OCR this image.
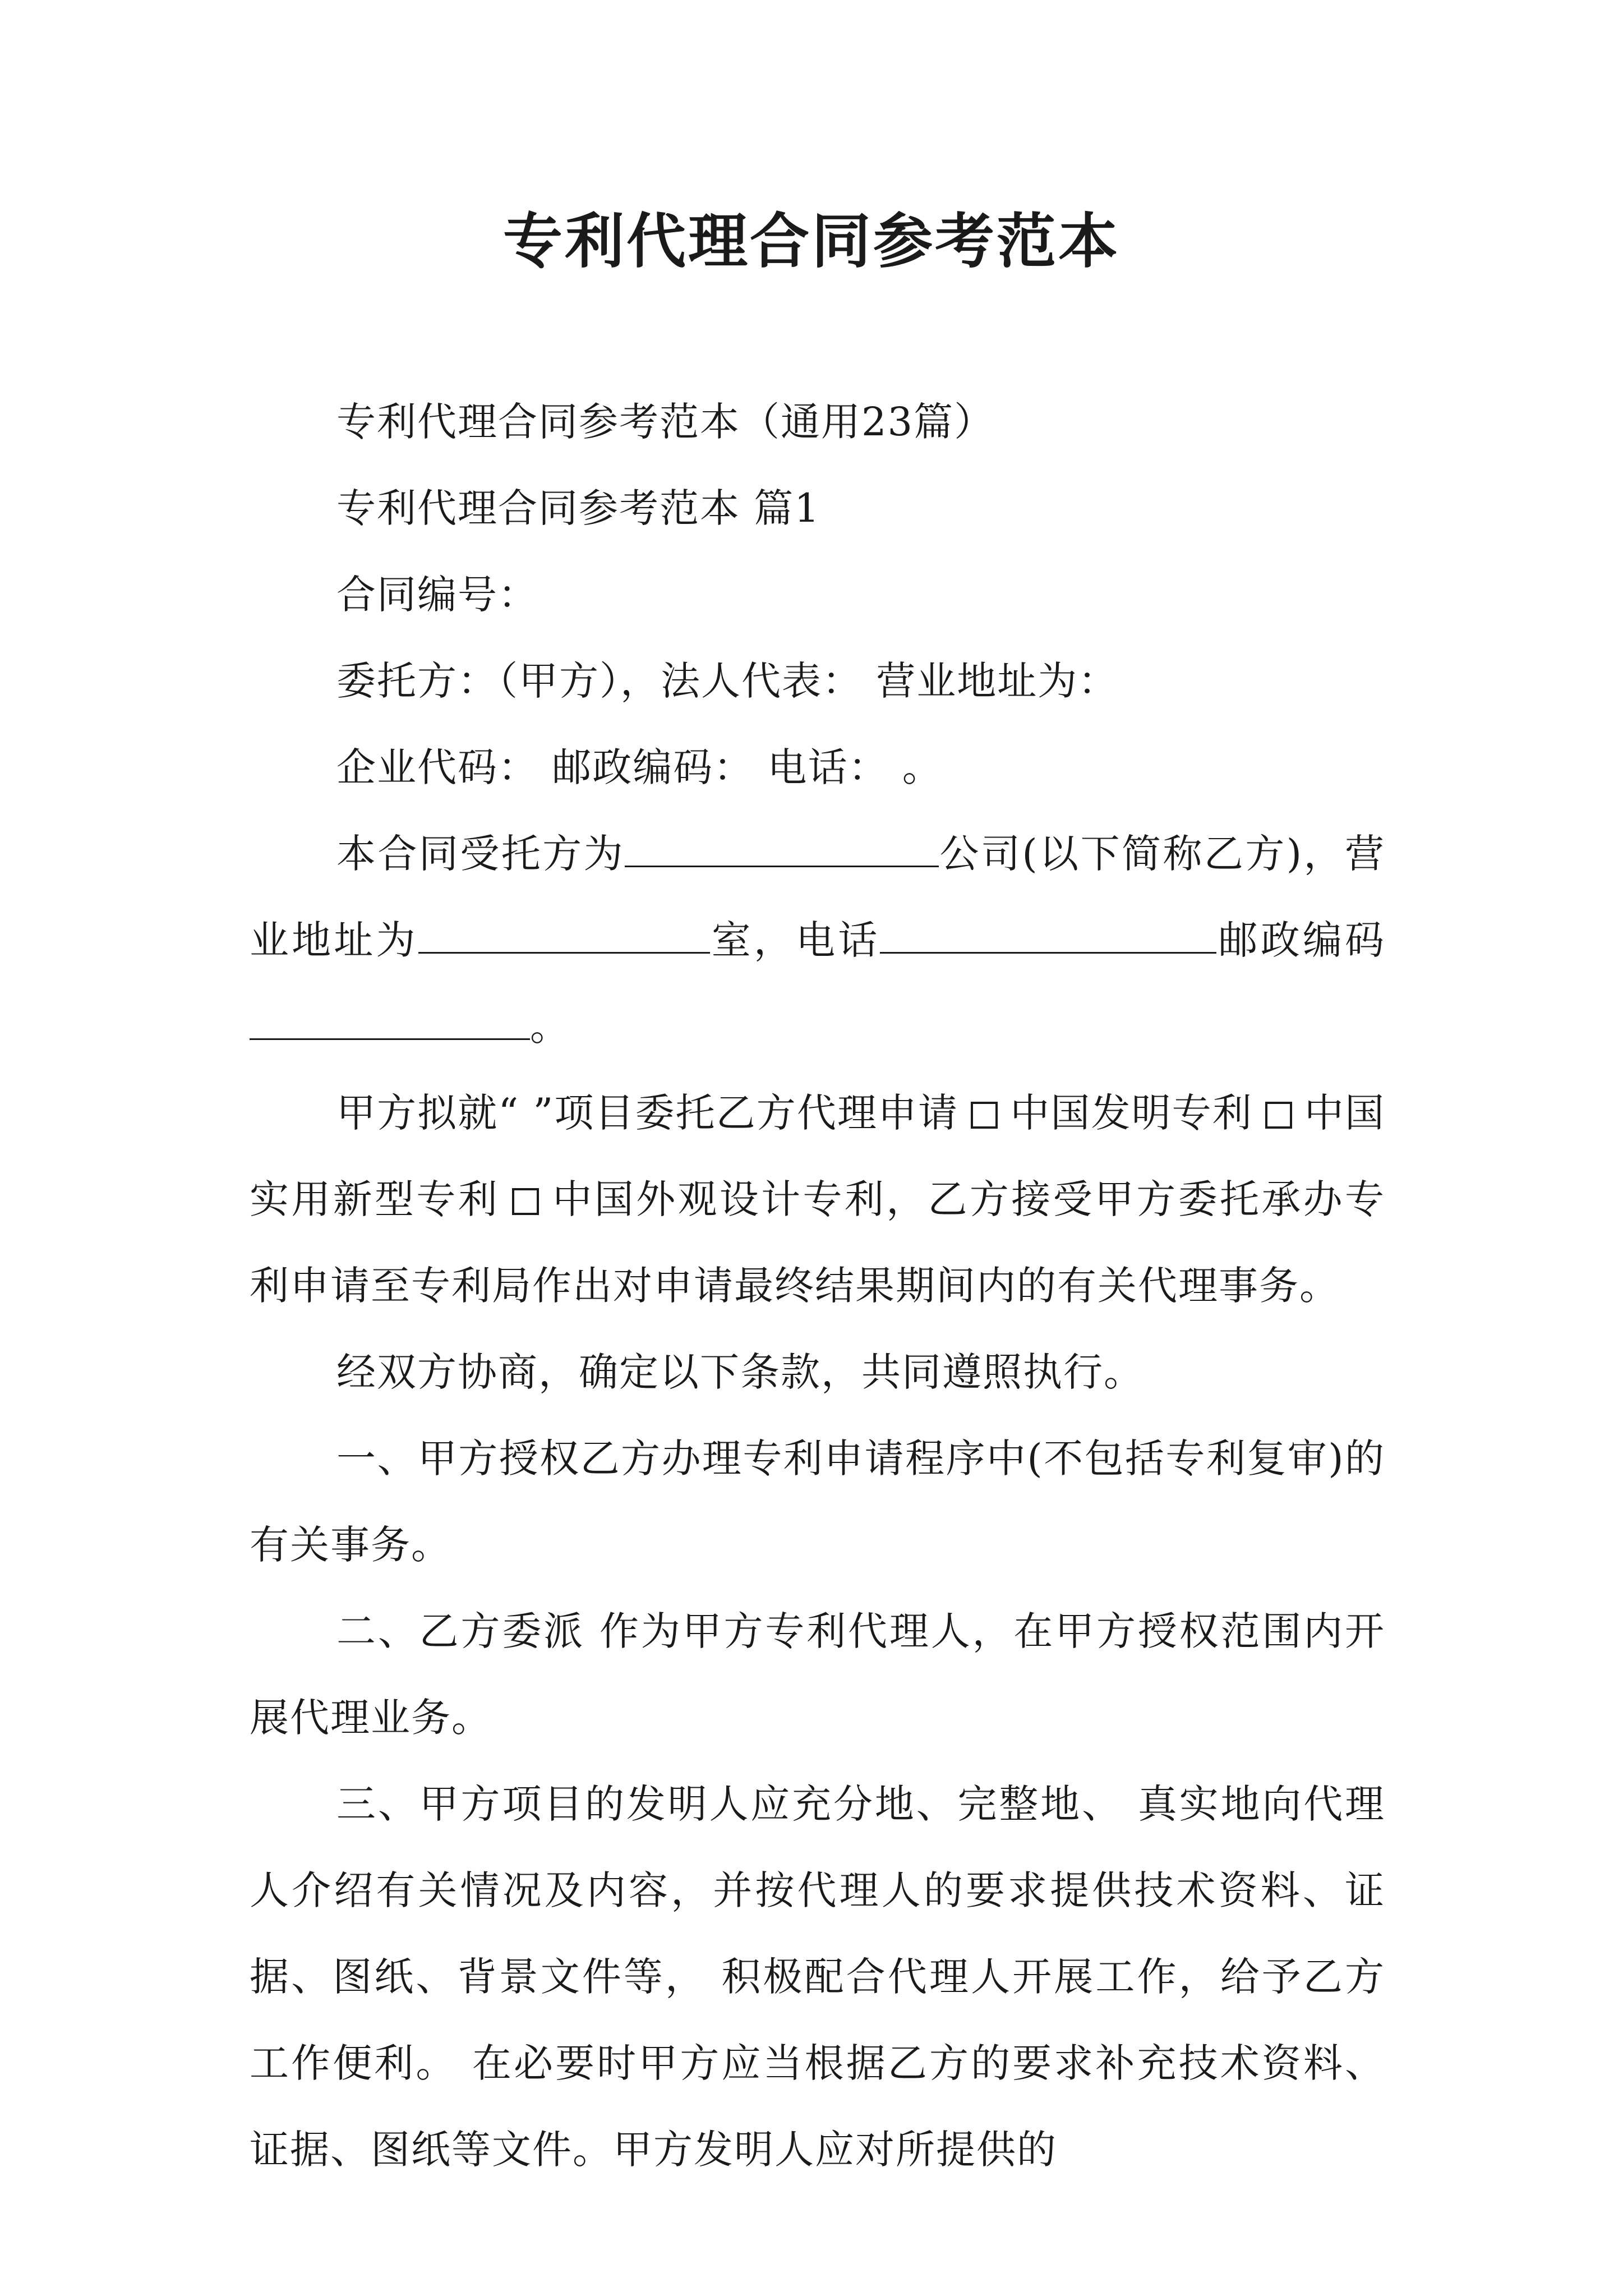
专利代理合同参考范本

专利代理合同参考范本（通用23篇）

专利代理合同参考范本 篇1

合同编号：

委托方：（甲方），法人代表： 营业地址为：

企业代码： 邮政编码： 电话： 。

本合同受托方为	公司(以下简称乙方)，营业地址为	室，电话	邮政编码。

甲方拟就“ ”项目委托乙方代理申请 中国发明专利 中国实用新型专利 中国外观设计专利，乙方接受甲方委托承办专利申请至专利局作出对申请最终结果期间内的有关代理事务。

经双方协商，确定以下条款，共同遵照执行。

一、甲方授权乙方办理专利申请程序中(不包括专利复审)的有关事务。

二、乙方委派 作为甲方专利代理人，在甲方授权范围内开展代理业务。

三、甲方项目的发明人应充分地、完整地、 真实地向代理人介绍有关情况及内容，并按代理人的要求提供技术资料、证据、图纸、背景文件等， 积极配合代理人开展工作，给予乙方工作便利。 在必要时甲方应当根据乙方的要求补充技术资料、证据、图纸等文件。甲方发明人应对所提供的
